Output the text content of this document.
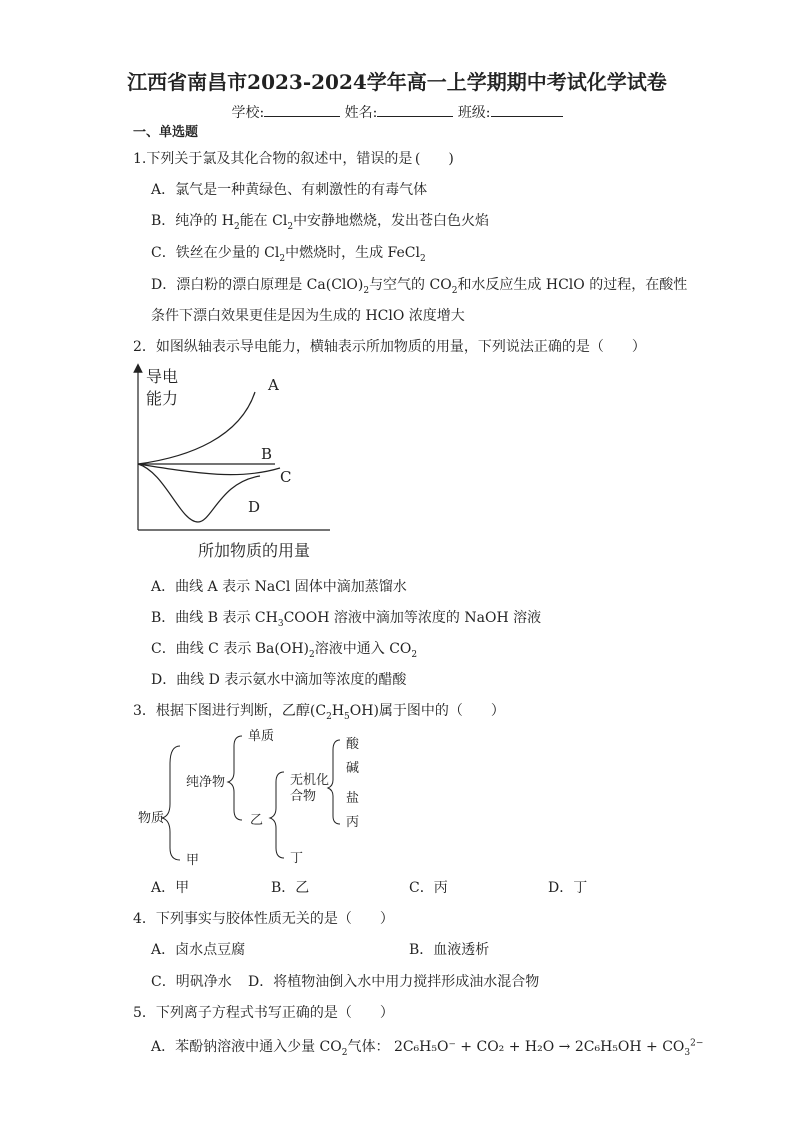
江西省南昌市2023-2024学年高一上学期期中考试化学试卷
学校:	姓名:	班级:
一、单选题
1.下列关于氯及其化合物的叙述中，错误的是 (　　 )
A．氯气是一种黄绿色、有刺激性的有毒气体
B．纯净的 $H_2$能在 $Cl_2$中安静地燃烧，发出苍白色火焰
C．铁丝在少量的 $Cl_2$中燃烧时，生成 FeCl$_2$
D．漂白粉的漂白原理是 $Ca(ClO)_2$与空气的 $CO_2$和水反应生成 HClO 的过程，在酸性
条件下漂白效果更佳是因为生成的 HClO 浓度增大
2．如图纵轴表示导电能力，横轴表示所加物质的用量，下列说法正确的是（　　）
导电
能力
A
B
C
D
所加物质的用量
A．曲线 A 表示 NaCl 固体中滴加蒸馏水
B．曲线 B 表示 $CH_3COOH$ 溶液中滴加等浓度的 NaOH 溶液
C．曲线 C 表示 $Ba(OH)_2$溶液中通入 $CO_2$
D．曲线 D 表示氨水中滴加等浓度的醋酸
3．根据下图进行判断，乙醇$(C_2H_5OH)$属于图中的（　　）
物质
纯净物
甲
单质
乙
无机化
合物
丁
酸
碱
盐
丙
A．甲	B．乙	C．丙	D．丁
4．下列事实与胶体性质无关的是（　　）
A．卤水点豆腐	B．血液透析
C．明矾净水 D．将植物油倒入水中用力搅拌形成油水混合物
5．下列离子方程式书写正确的是（　　）
A．苯酚钠溶液中通入少量 $CO_2$气体： $2C_6H_5O^- + CO_2 + H_2O \to 2C_6H_5OH + CO_3^{2-}$
